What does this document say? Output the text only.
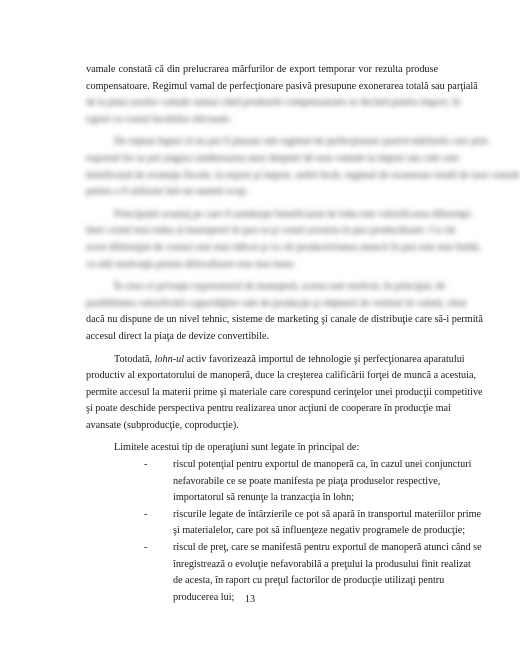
vamale constată că din prelucrarea mărfurilor de export temporar vor rezulta produse
compensatoare. Regimul vamal de perfecţionare pasivă presupune exonerarea totală sau parţială
de la plata taxelor vamale numai când produsele compensatoare se declară pentru import, în
raport cu costul lucrărilor efectuate.
De reţinut faptul că nu pot fi plasate sub regimul de perfecţionare pasivă mărfurile care prin
exportul lor se pot asigura rambursarea unor drepturi de taxe vamale la import sau cele care
beneficiază de avantaje fiscale, la export şi import, astfel încât, regimul de exonerare totală de taxe vamale
pentru a fi utilizate într-un anumit scop.
Principalul avantaj pe care îl urmăreşte beneficiarul de lohn este valorificarea diferenţei
între costul mai redus al manoperei în ţara sa şi costul acesteia în ţara producătoare. Cu cât
acest diferenţial de costuri este mai ridicat şi cu cât productivitatea muncii în ţara este mai înaltă,
cu atât motivaţia pentru delocalizare este mai mare.
În ceea ce priveşte exportatorul de manoperă, acesta este motivat, în principal, de
posibilitatea valorificării capacităţilor sale de producţie şi obţinerii de venituri în valută, chiar
dacă nu dispune de un nivel tehnic, sisteme de marketing şi canale de distribuţie care să-i permită
accesul direct la piaţa de devize convertibile.
Totodată, lohn-ul activ favorizează importul de tehnologie şi perfecţionarea aparatului
productiv al exportatorului de manoperă, duce la creşterea calificării forţei de muncă a acestuia,
permite accesul la materii prime şi materiale care corespund cerinţelor unei producţii competitive
şi poate deschide perspectiva pentru realizarea unor acţiuni de cooperare în producţie mai
avansate (subproducţie, coproducţie).
Limitele acestui tip de operaţiuni sunt legate în principal de:
-	riscul potenţial pentru exportul de manoperă ca, în cazul unei conjuncturi
nefavorabile ce se poate manifesta pe piaţa produselor respective,
importatorul să renunţe la tranzacţia în lohn;
-	riscurile legate de întârzierile ce pot să apară în transportul materiilor prime
şi materialelor, care pot să influenţeze negativ programele de producţie;
-	riscul de preţ, care se manifestă pentru exportul de manoperă atunci când se
înregistrează o evoluţie nefavorabilă a preţului la produsului finit realizat
de acesta, în raport cu preţul factorilor de producţie utilizaţi pentru
producerea lui;	13
